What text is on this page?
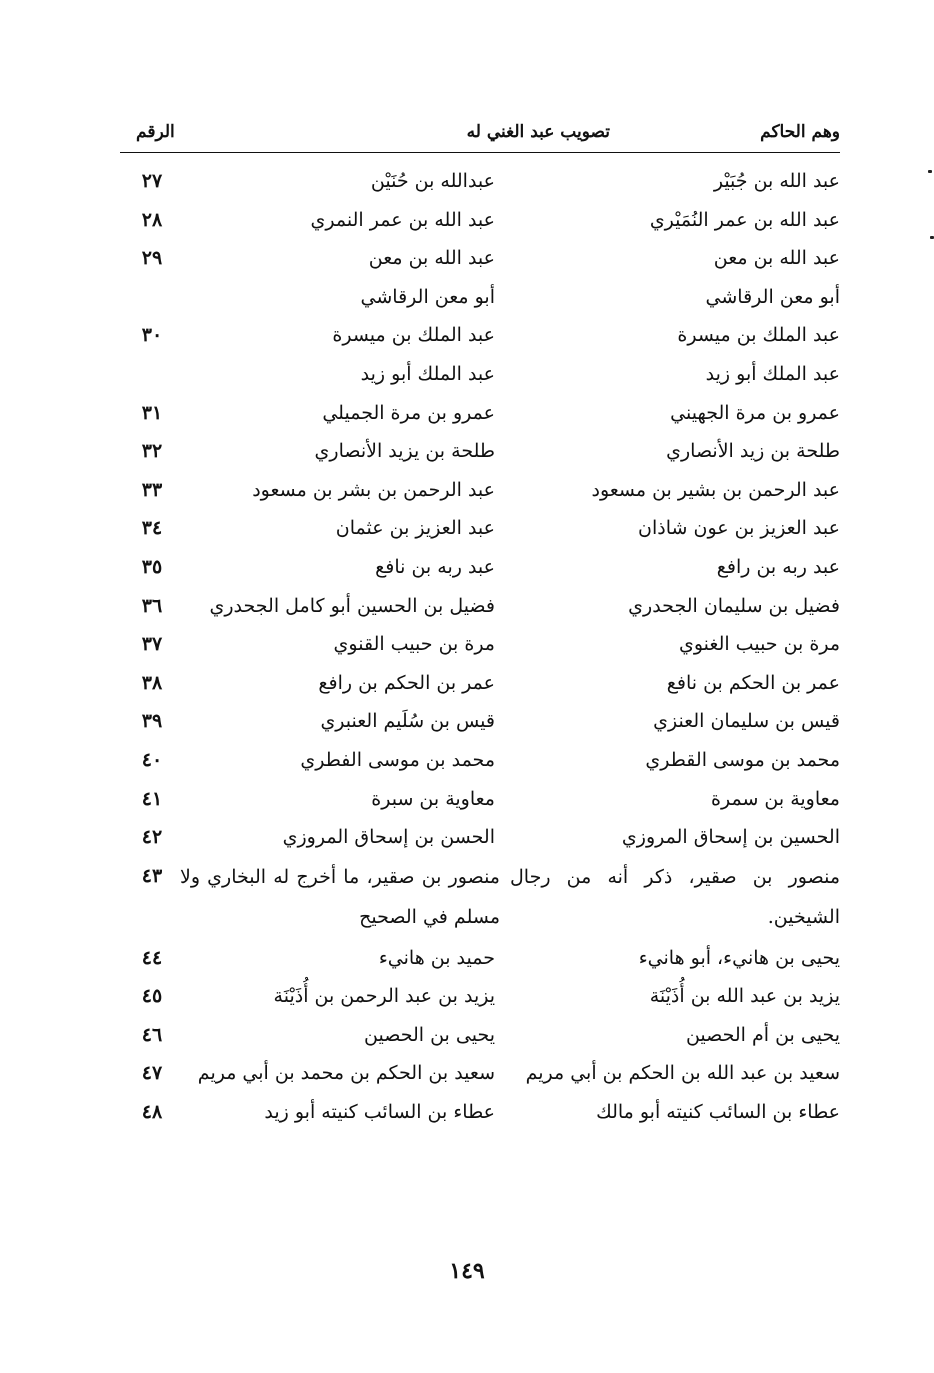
وهم الحاكم
تصويب عبد الغني له
الرقم
عبد الله بن جُبَيْر
عبدالله بن حُنَيْن
٢٧
عبد الله بن عمر النُمَيْري
عبد الله بن عمر النمري
٢٨
عبد الله بن معن
عبد الله بن معن
٢٩
أبو معن الرقاشي
أبو معن الرقاشي
عبد الملك بن ميسرة
عبد الملك بن ميسرة
٣٠
عبد الملك أبو زيد
عبد الملك أبو زيد
عمرو بن مرة الجهيني
عمرو بن مرة الجميلي
٣١
طلحة بن زيد الأنصاري
طلحة بن يزيد الأنصاري
٣٢
عبد الرحمن بن بشير بن مسعود
عبد الرحمن بن بشر بن مسعود
٣٣
عبد العزيز بن عون شاذان
عبد العزيز بن عثمان
٣٤
عبد ربه بن رافع
عبد ربه بن نافع
٣٥
فضيل بن سليمان الجحدري
فضيل بن الحسين أبو كامل الجحدري
٣٦
مرة بن حبيب الغنوي
مرة بن حبيب القنوي
٣٧
عمر بن الحكم بن نافع
عمر بن الحكم بن رافع
٣٨
قيس بن سليمان العنزي
قيس بن سُلَيم العنبري
٣٩
محمد بن موسى القطري
محمد بن موسى الفطري
٤٠
معاوية بن سمرة
معاوية بن سبرة
٤١
الحسين بن إسحاق المروزي
الحسن بن إسحاق المروزي
٤٢
منصور بن صقير، ذكر أنه من رجال الشيخين.
منصور بن صقير، ما أخرج له البخاري ولا مسلم في الصحيح
٤٣
يحيى بن هانيء، أبو هانيء
حميد بن هانيء
٤٤
يزيد بن عبد الله بن أُذَيْنَة
يزيد بن عبد الرحمن بن أُذَيْنَة
٤٥
يحيى بن أم الحصين
يحيى بن الحصين
٤٦
سعيد بن عبد الله بن الحكم بن أبي مريم
سعيد بن الحكم بن محمد بن أبي مريم
٤٧
عطاء بن السائب كنيته أبو مالك
عطاء بن السائب كنيته أبو زيد
٤٨
١٤٩
